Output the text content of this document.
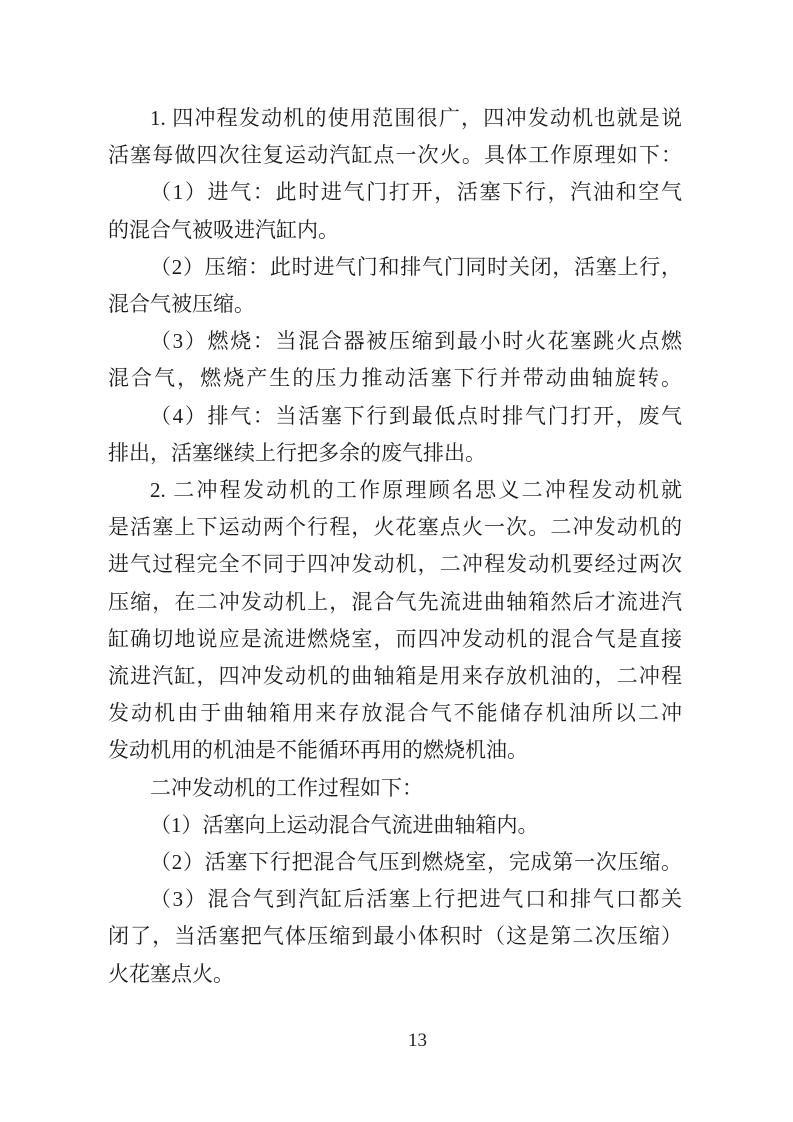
1. 四冲程发动机的使用范围很广，四冲发动机也就是说
活塞每做四次往复运动汽缸点一次火。具体工作原理如下：
（1）进气：此时进气门打开，活塞下行，汽油和空气
的混合气被吸进汽缸内。
（2）压缩：此时进气门和排气门同时关闭，活塞上行，
混合气被压缩。
（3）燃烧：当混合器被压缩到最小时火花塞跳火点燃
混合气，燃烧产生的压力推动活塞下行并带动曲轴旋转。
（4）排气：当活塞下行到最低点时排气门打开，废气
排出，活塞继续上行把多余的废气排出。
2. 二冲程发动机的工作原理顾名思义二冲程发动机就
是活塞上下运动两个行程，火花塞点火一次。二冲发动机的
进气过程完全不同于四冲发动机，二冲程发动机要经过两次
压缩，在二冲发动机上，混合气先流进曲轴箱然后才流进汽
缸确切地说应是流进燃烧室，而四冲发动机的混合气是直接
流进汽缸，四冲发动机的曲轴箱是用来存放机油的，二冲程
发动机由于曲轴箱用来存放混合气不能储存机油所以二冲
发动机用的机油是不能循环再用的燃烧机油。
二冲发动机的工作过程如下：
（1）活塞向上运动混合气流进曲轴箱内。
（2）活塞下行把混合气压到燃烧室，完成第一次压缩。
（3）混合气到汽缸后活塞上行把进气口和排气口都关
闭了，当活塞把气体压缩到最小体积时（这是第二次压缩）
火花塞点火。
13
